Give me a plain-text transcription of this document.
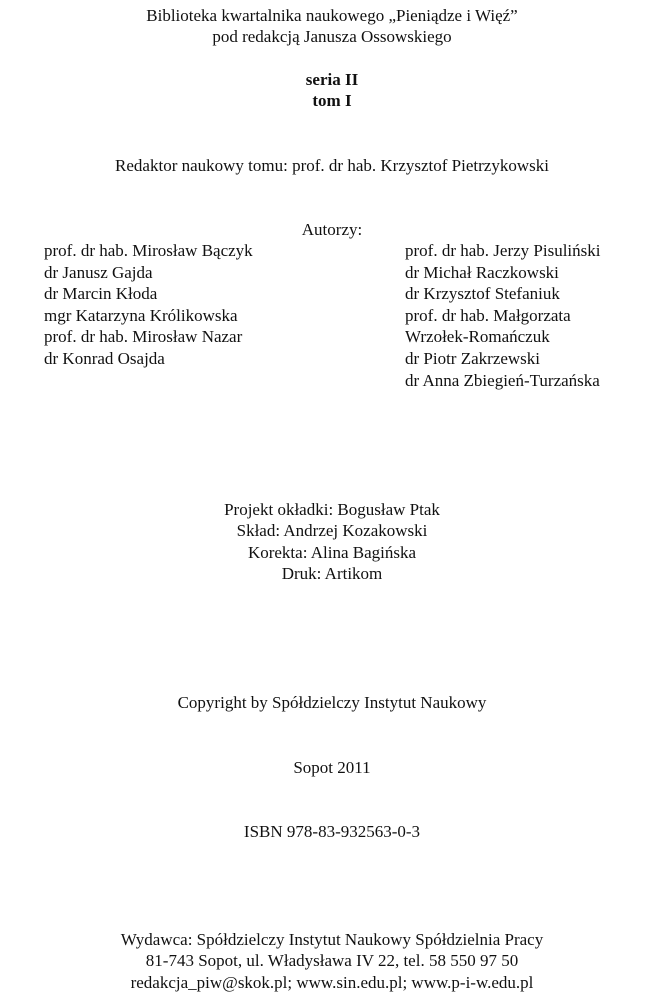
Biblioteka kwartalnika naukowego „Pieniądze i Więź”
pod redakcją Janusza Ossowskiego
seria II
tom I
Redaktor naukowy tomu: prof. dr hab. Krzysztof Pietrzykowski
Autorzy:
prof. dr hab. Mirosław Bączyk
dr Janusz Gajda
dr Marcin Kłoda
mgr Katarzyna Królikowska
prof. dr hab. Mirosław Nazar
dr Konrad Osajda
prof. dr hab. Jerzy Pisuliński
dr Michał Raczkowski
dr Krzysztof Stefaniuk
prof. dr hab. Małgorzata
Wrzołek-Romańczuk
dr Piotr Zakrzewski
dr Anna Zbiegień-Turzańska
Projekt okładki: Bogusław Ptak
Skład: Andrzej Kozakowski
Korekta: Alina Bagińska
Druk: Artikom
Copyright by Spółdzielczy Instytut Naukowy
Sopot 2011
ISBN 978-83-932563-0-3
Wydawca: Spółdzielczy Instytut Naukowy Spółdzielnia Pracy
81-743 Sopot, ul. Władysława IV 22, tel. 58 550 97 50
redakcja_piw@skok.pl; www.sin.edu.pl; www.p-i-w.edu.pl
